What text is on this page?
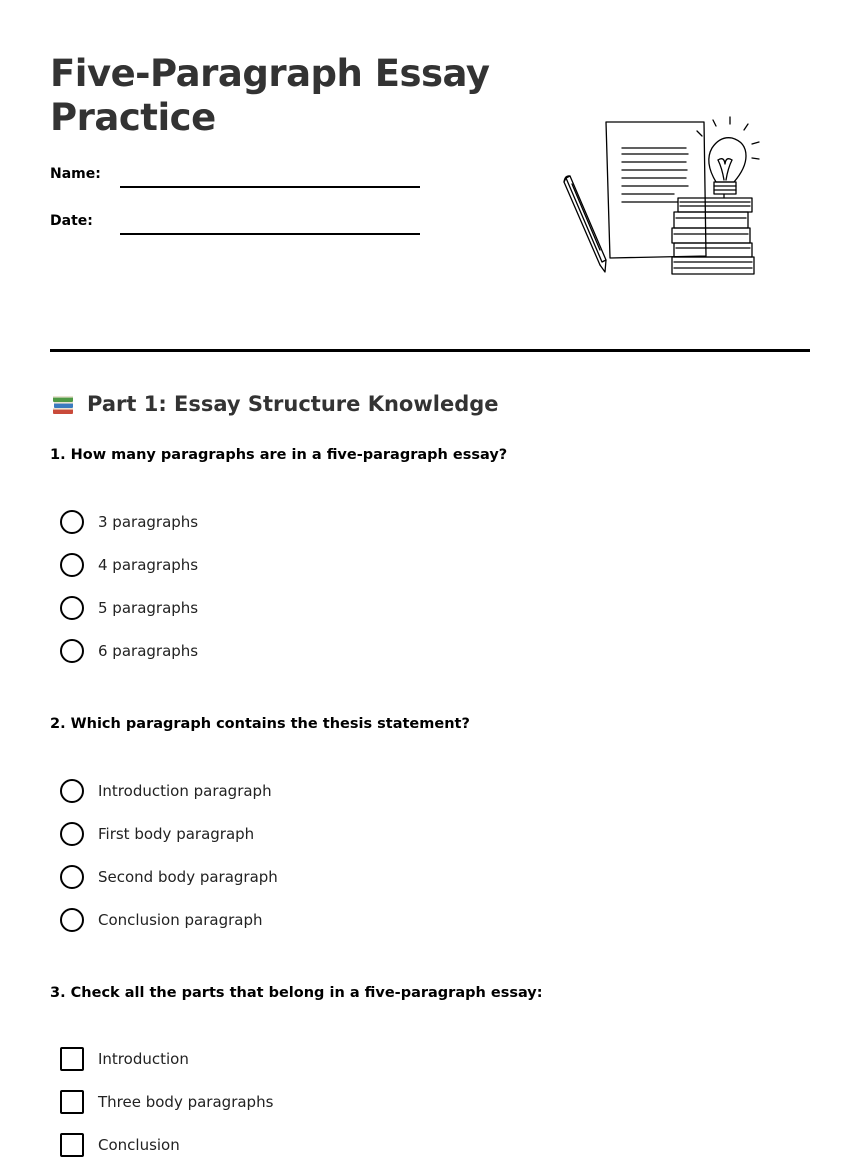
Five-Paragraph Essay Practice
Name:
Date:
Part 1: Essay Structure Knowledge

1. How many paragraphs are in a five-paragraph essay?

3 paragraphs
4 paragraphs
5 paragraphs
6 paragraphs

2. Which paragraph contains the thesis statement?

Introduction paragraph
First body paragraph
Second body paragraph
Conclusion paragraph

3. Check all the parts that belong in a five-paragraph essay:

Introduction
Three body paragraphs
Conclusion
